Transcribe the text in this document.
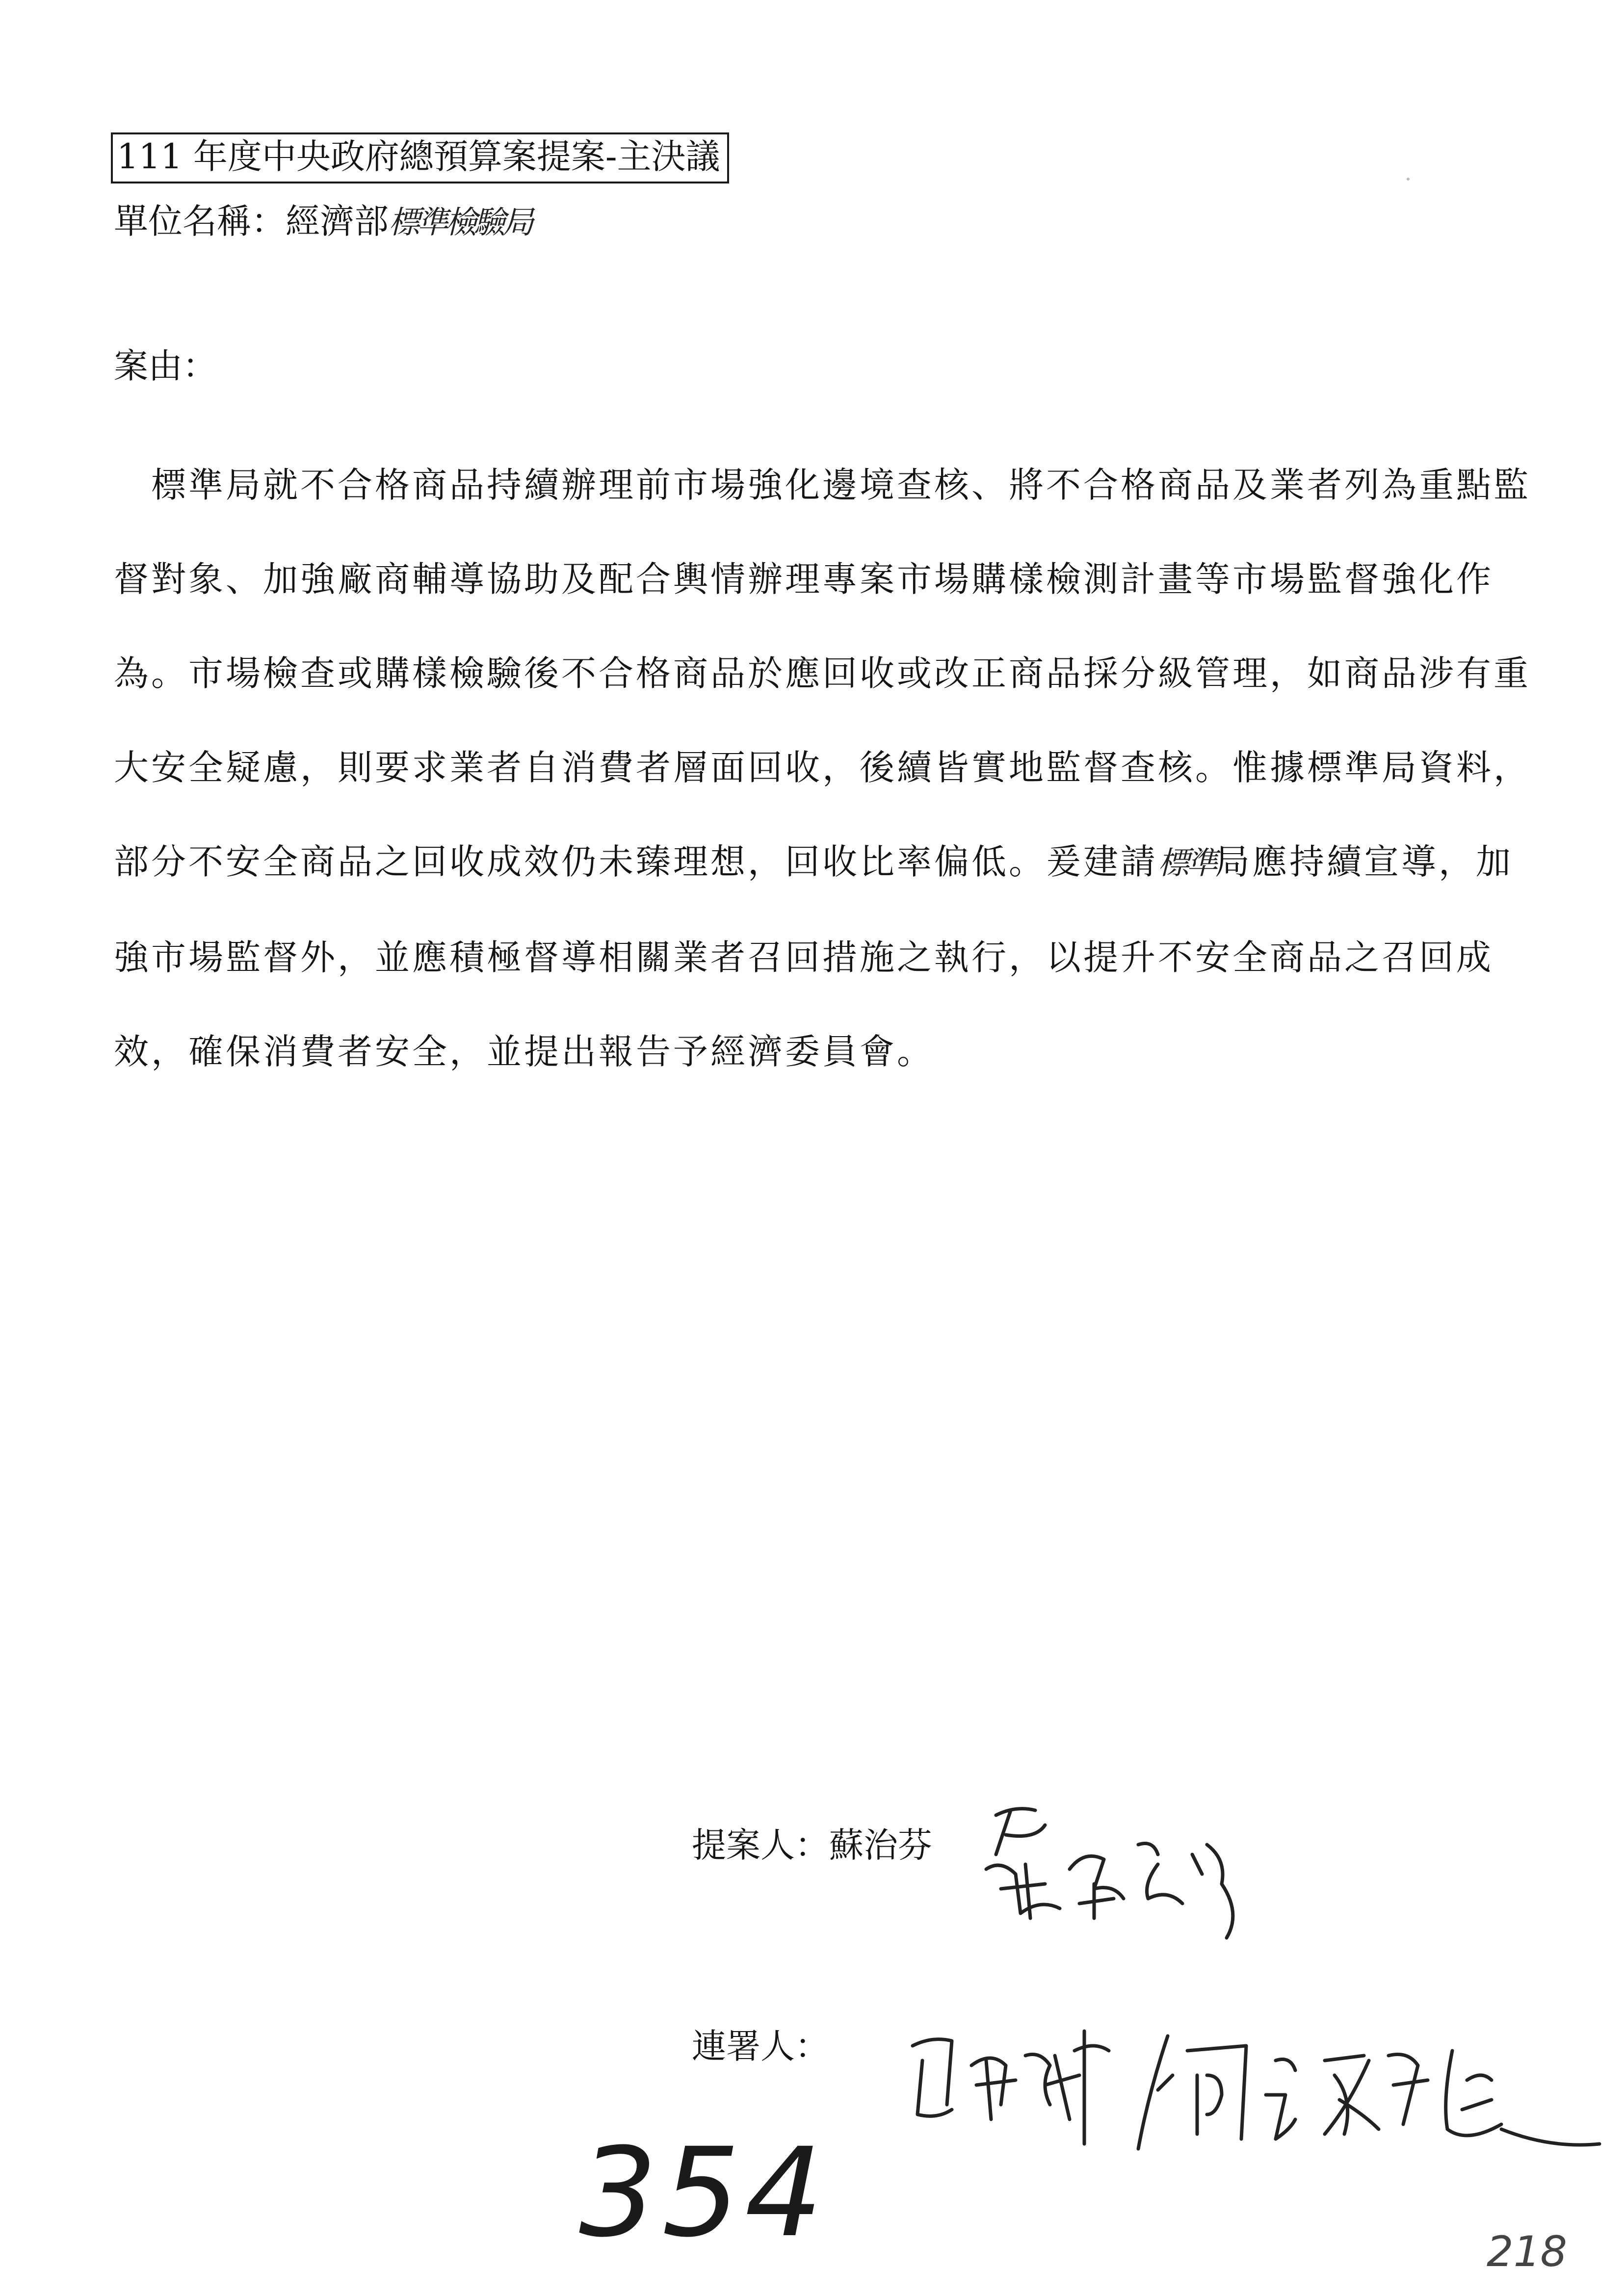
111 年度中央政府總預算案提案-主決議
單位名稱：經濟部標準檢驗局
案由：

　標準局就不合格商品持續辦理前市場強化邊境查核、將不合格商品及業者列為重點監督對象、加強廠商輔導協助及配合輿情辦理專案市場購樣檢測計畫等市場監督強化作為。市場檢查或購樣檢驗後不合格商品於應回收或改正商品採分級管理，如商品涉有重大安全疑慮，則要求業者自消費者層面回收，後續皆實地監督查核。惟據標準局資料，部分不安全商品之回收成效仍未臻理想，回收比率偏低。爰建請標準局應持續宣導，加強市場監督外，並應積極督導相關業者召回措施之執行，以提升不安全商品之召回成效，確保消費者安全，並提出報告予經濟委員會。

提案人：蘇治芬
連署人：
354	218
